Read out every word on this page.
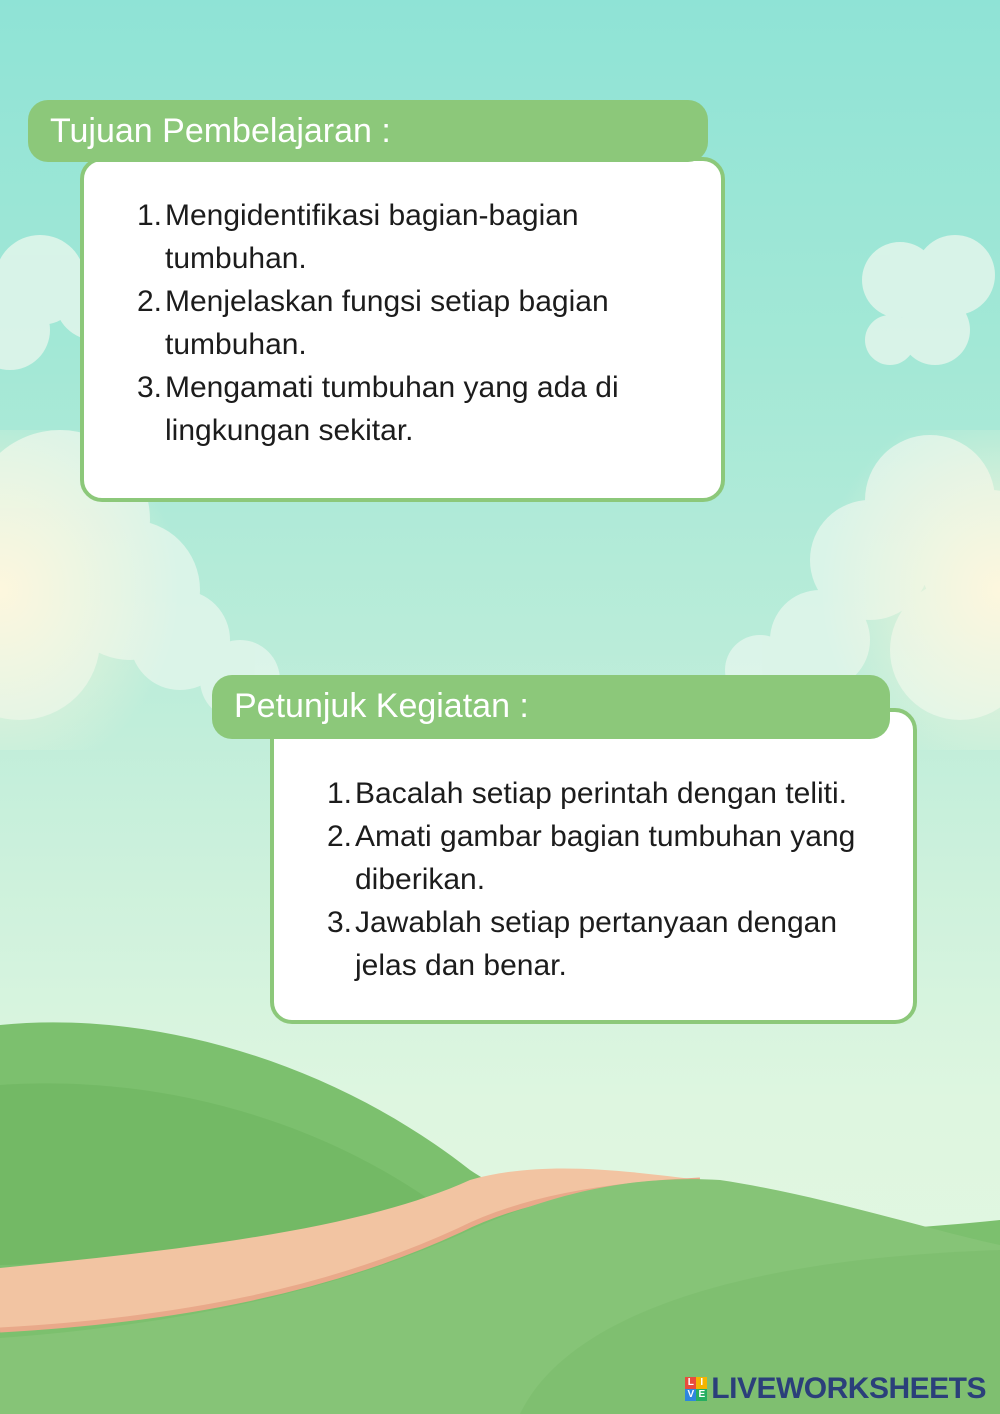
1. Mengidentifikasi bagian-bagian tumbuhan.
2. Menjelaskan fungsi setiap bagian tumbuhan.
3. Mengamati tumbuhan yang ada di lingkungan sekitar.
Tujuan Pembelajaran :
1. Bacalah setiap perintah dengan teliti.
2. Amati gambar bagian tumbuhan yang diberikan.
3. Jawablah setiap pertanyaan dengan jelas dan benar.
Petunjuk Kegiatan :
L I
V E LIVEWORKSHEETS
